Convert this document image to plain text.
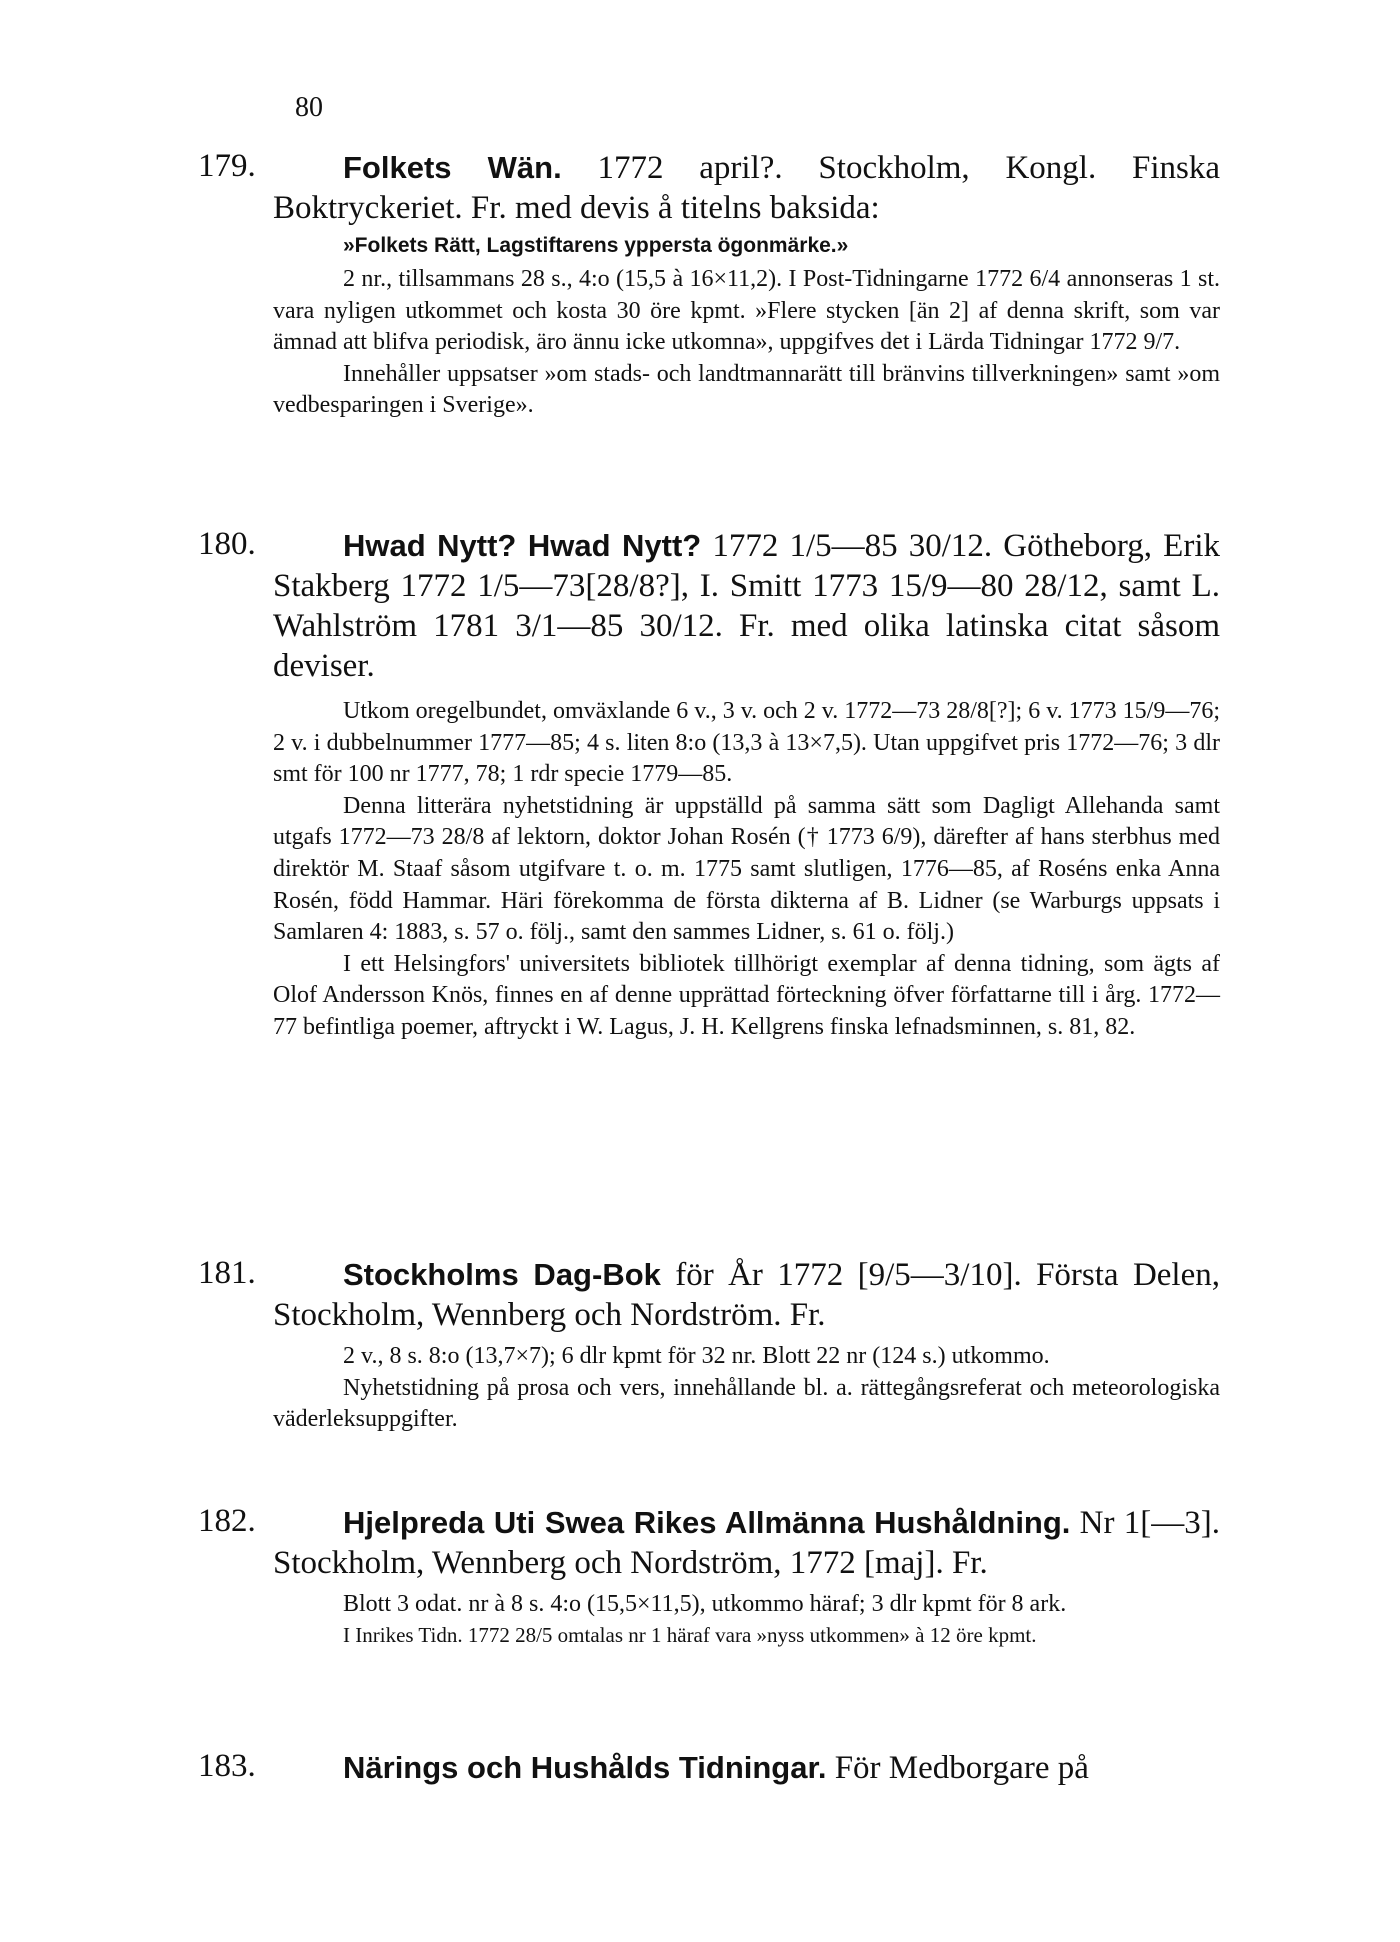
80
179.	Folkets Wän. 1772 april?. Stockholm, Kongl. Finska Boktryckeriet. Fr. med devis å titelns baksida:
»Folkets Rätt, Lagstiftarens yppersta ögonmärke.»
2 nr., tillsammans 28 s., 4:o (15,5 à 16×11,2). I Post-Tidningarne 1772 6/4 annonseras 1 st. vara nyligen utkommet och kosta 30 öre kpmt. »Flere stycken [än 2] af denna skrift, som var ämnad att blifva periodisk, äro ännu icke utkomna», uppgifves det i Lärda Tidningar 1772 9/7.
Innehåller uppsatser »om stads- och landtmannarätt till bränvins tillverkningen» samt »om vedbesparingen i Sverige».
180.	Hwad Nytt? Hwad Nytt? 1772 1/5—85 30/12. Götheborg, Erik Stakberg 1772 1/5—73[28/8?], I. Smitt 1773 15/9—80 28/12, samt L. Wahlström 1781 3/1—85 30/12. Fr. med olika latinska citat såsom deviser.
Utkom oregelbundet, omväxlande 6 v., 3 v. och 2 v. 1772—73 28/8[?]; 6 v. 1773 15/9—76; 2 v. i dubbelnummer 1777—85; 4 s. liten 8:o (13,3 à 13×7,5). Utan uppgifvet pris 1772—76; 3 dlr smt för 100 nr 1777, 78; 1 rdr specie 1779—85.
Denna litterära nyhetstidning är uppställd på samma sätt som Dagligt Allehanda samt utgafs 1772—73 28/8 af lektorn, doktor Johan Rosén († 1773 6/9), därefter af hans sterbhus med direktör M. Staaf såsom utgifvare t. o. m. 1775 samt slutligen, 1776—85, af Roséns enka Anna Rosén, född Hammar. Häri förekomma de första dikterna af B. Lidner (se Warburgs uppsats i Samlaren 4: 1883, s. 57 o. följ., samt den sammes Lidner, s. 61 o. följ.)
I ett Helsingfors' universitets bibliotek tillhörigt exemplar af denna tidning, som ägts af Olof Andersson Knös, finnes en af denne upprättad förteckning öfver författarne till i årg. 1772—77 befintliga poemer, aftryckt i W. Lagus, J. H. Kellgrens finska lefnadsminnen, s. 81, 82.
181.	Stockholms Dag-Bok för År 1772 [9/5—3/10]. Första Delen, Stockholm, Wennberg och Nordström. Fr.
2 v., 8 s. 8:o (13,7×7); 6 dlr kpmt för 32 nr. Blott 22 nr (124 s.) utkommo.
Nyhetstidning på prosa och vers, innehållande bl. a. rättegångsreferat och meteorologiska väderleksuppgifter.
182.	Hjelpreda Uti Swea Rikes Allmänna Hushåldning. Nr 1[—3]. Stockholm, Wennberg och Nordström, 1772 [maj]. Fr.
Blott 3 odat. nr à 8 s. 4:o (15,5×11,5), utkommo häraf; 3 dlr kpmt för 8 ark.
I Inrikes Tidn. 1772 28/5 omtalas nr 1 häraf vara »nyss utkommen» à 12 öre kpmt.
183.	Närings och Hushålds Tidningar. För Medborgare på
